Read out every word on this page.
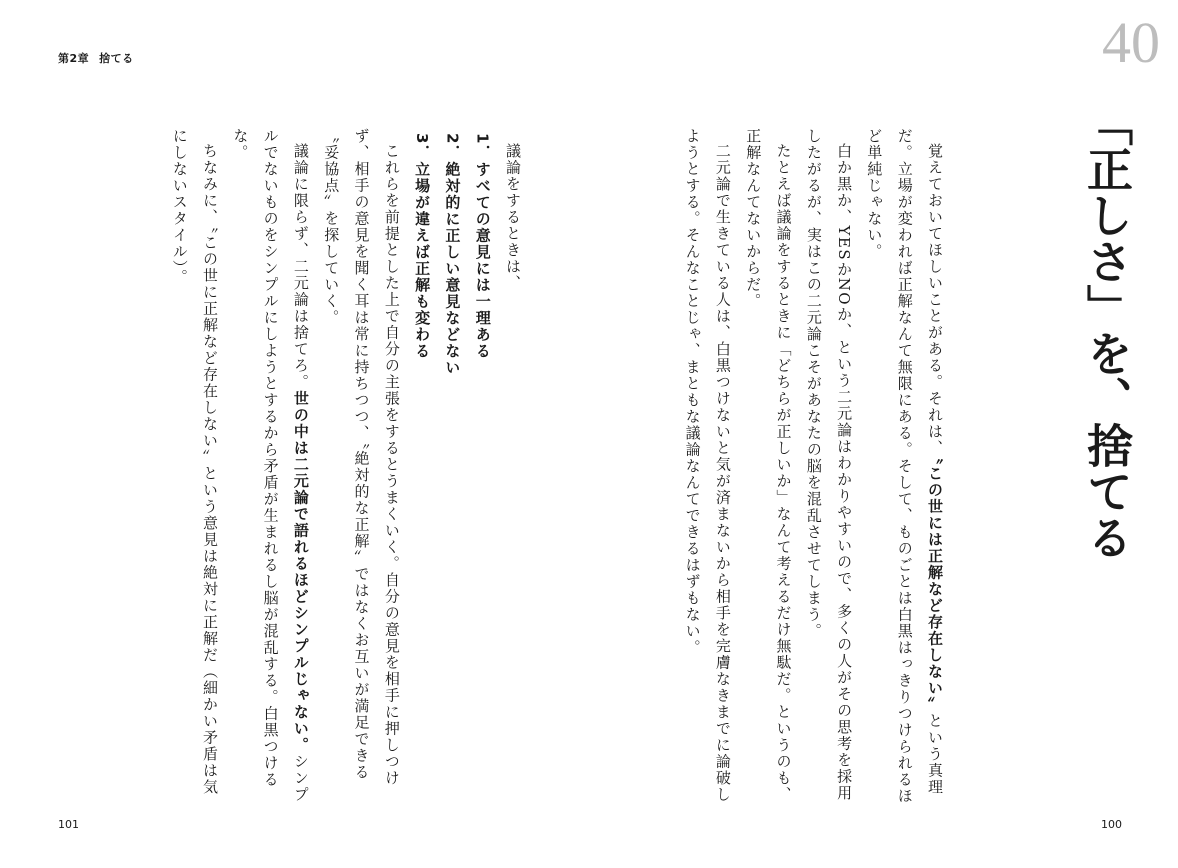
第2章 捨てる	40
「正しさ」を、捨てる

覚えておいてほしいことがある。それは、〝この世には正解など存在しない〟という真理だ。立場が変われば正解なんて無限にある。そして、ものごとは白黒はっきりつけられるほど単純じゃない。

白か黒か、YESかNOか、という二元論はわかりやすいので、多くの人がその思考を採用したがるが、実はこの二元論こそがあなたの脳を混乱させてしまう。

たとえば議論をするときに「どちらが正しいか」なんて考えるだけ無駄だ。というのも、正解なんてないからだ。

二元論で生きている人は、白黒つけないと気が済まないから相手を完膚なきまでに論破しようとする。そんなことじゃ、まともな議論なんてできるはずもない。

議論をするときは、

1．すべての意見には一理ある

2．絶対的に正しい意見などない

3．立場が違えば正解も変わる

これらを前提とした上で自分の主張をするとうまくいく。自分の意見を相手に押しつけず、相手の意見を聞く耳は常に持ちつつ、〝絶対的な正解〟ではなくお互いが満足できる〝妥協点〟を探していく。

議論に限らず、二元論は捨てろ。世の中は二元論で語れるほどシンプルじゃない。シンプルでないものをシンプルにしようとするから矛盾が生まれるし脳が混乱する。白黒つけるな。

ちなみに、〝この世に正解など存在しない〟という意見は絶対に正解だ（細かい矛盾は気にしないスタイル）。

101	100
